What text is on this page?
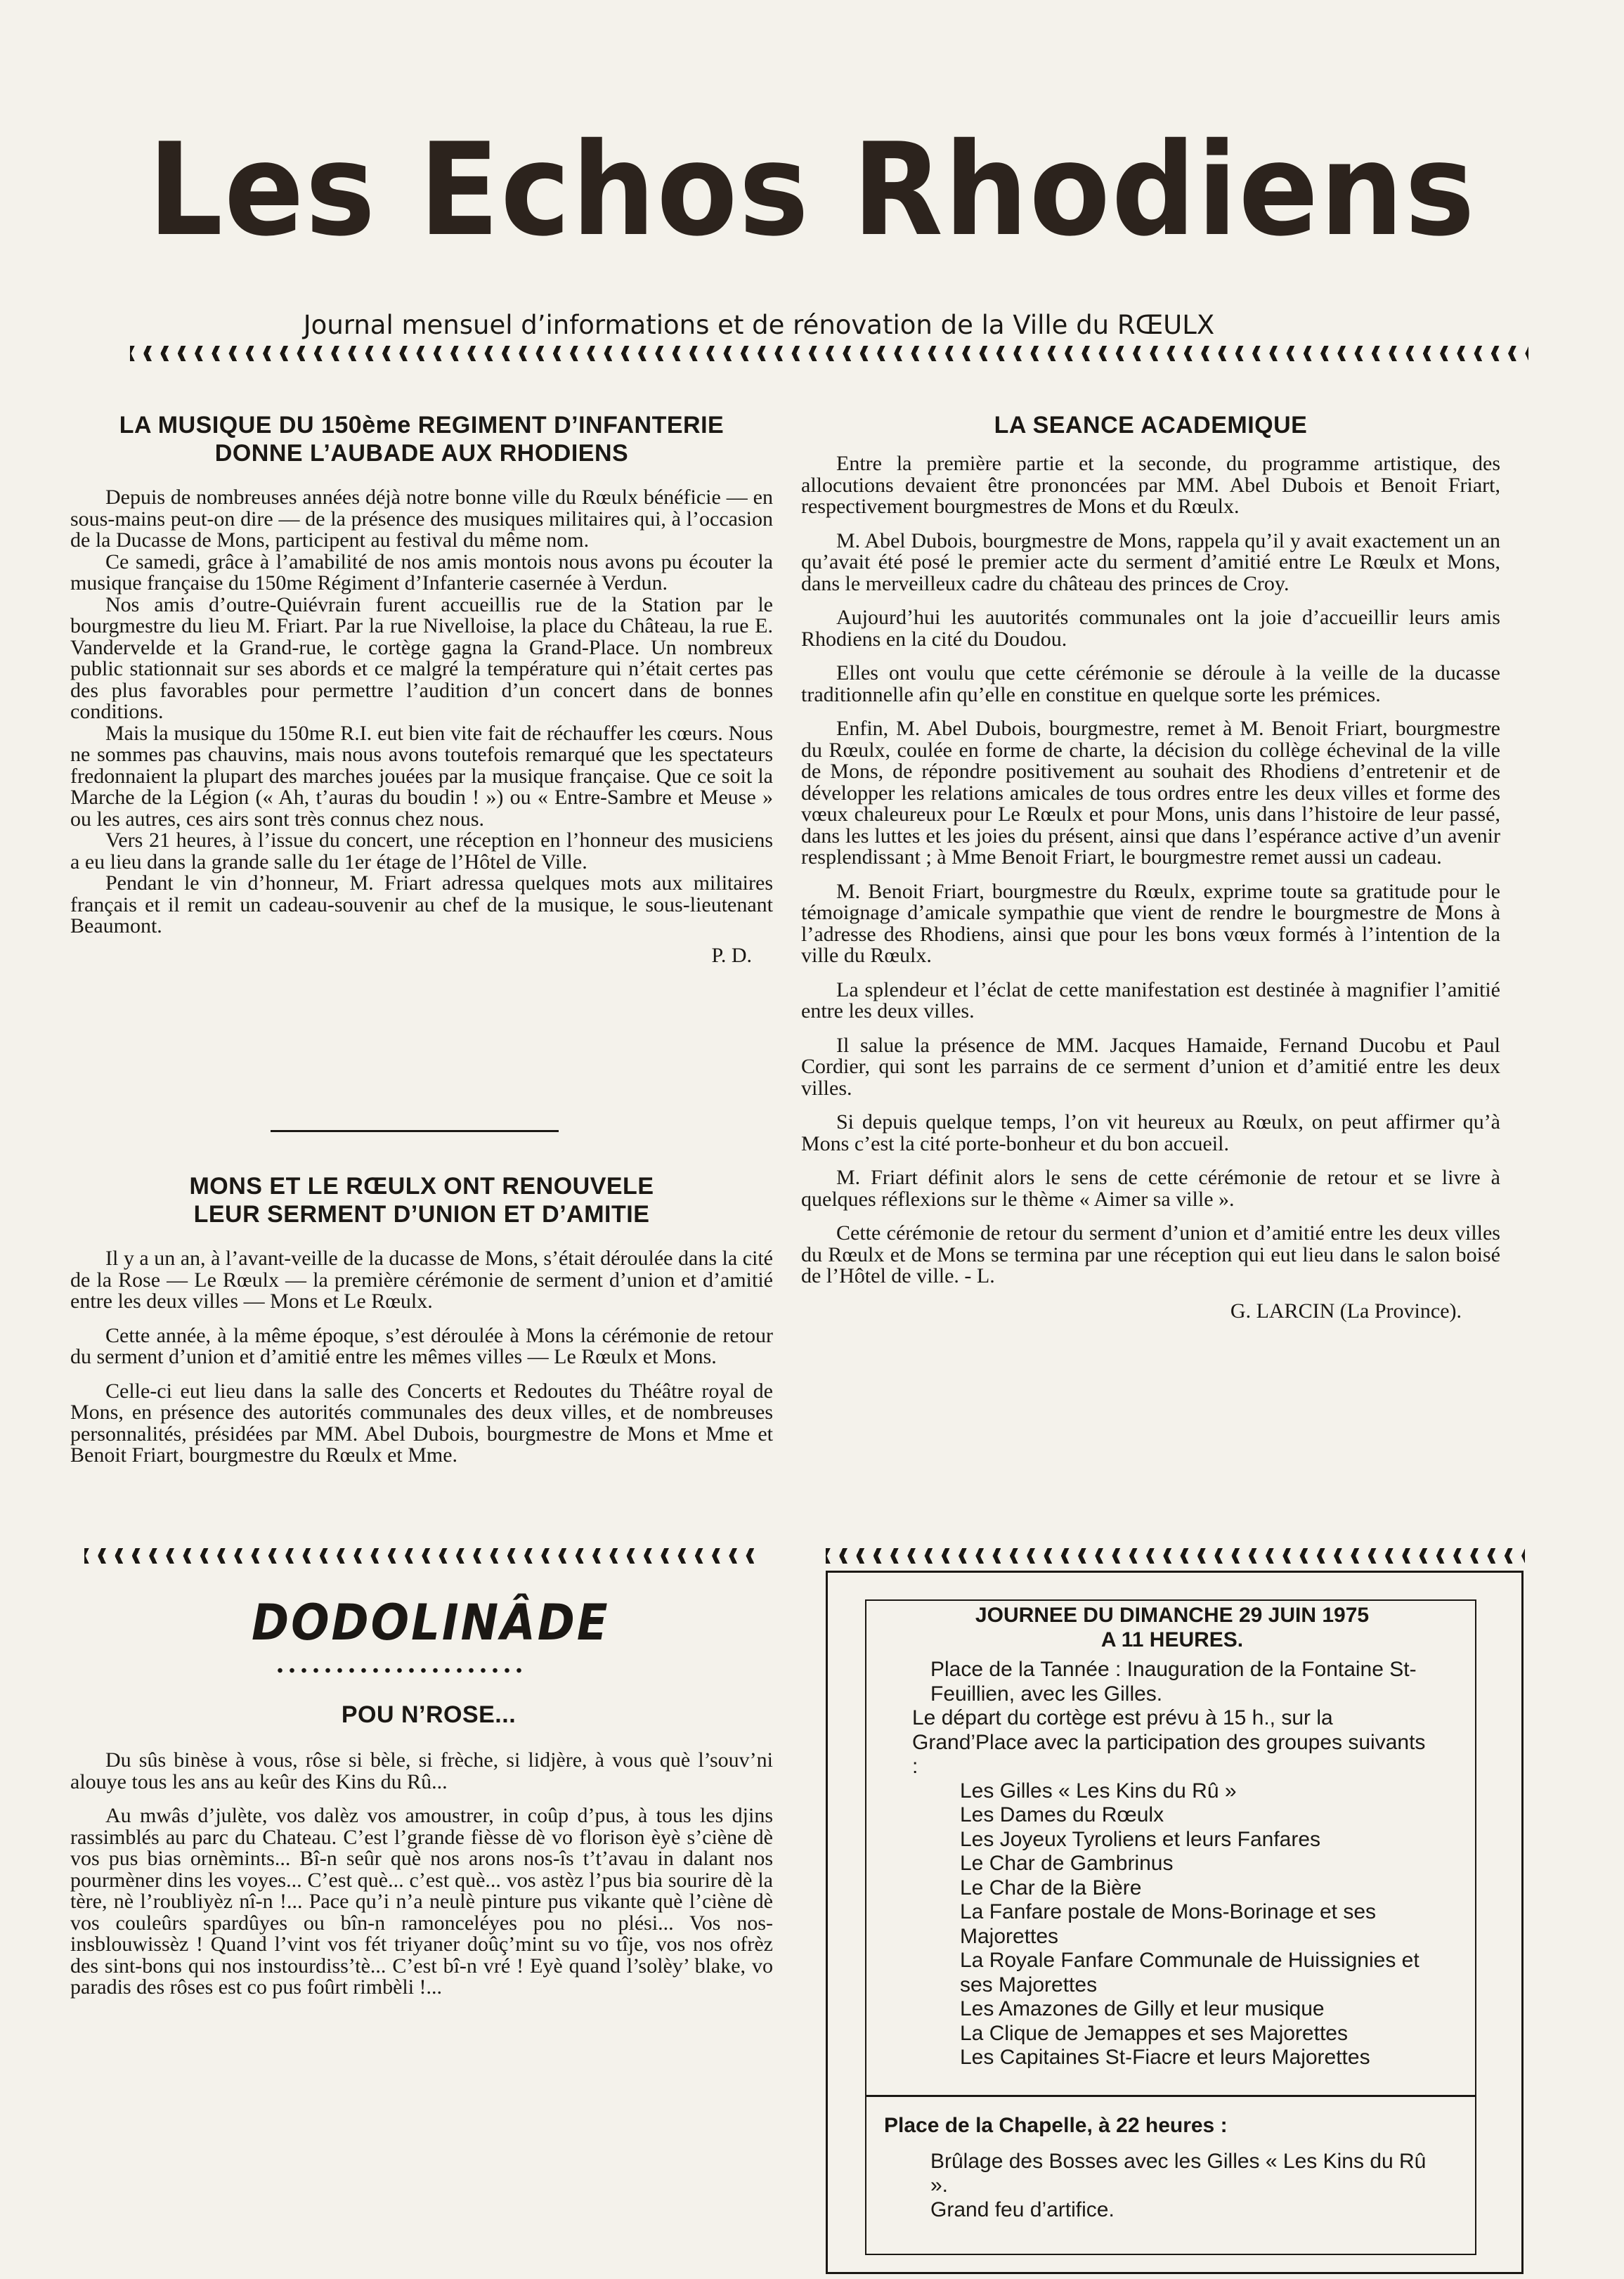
Les Echos Rhodiens
Journal mensuel d’informations et de rénovation de la Ville du RŒULX
LA MUSIQUE DU 150ème REGIMENT D’INFANTERIE
DONNE L’AUBADE AUX RHODIENS

Depuis de nombreuses années déjà notre bonne ville du Rœulx bénéficie — en sous-mains peut-on dire — de la présence des musiques militaires qui, à l’occasion de la Ducasse de Mons, participent au festival du même nom.

Ce samedi, grâce à l’amabilité de nos amis montois nous avons pu écouter la musique française du 150me Régiment d’Infanterie casernée à Verdun.

Nos amis d’outre-Quiévrain furent accueillis rue de la Station par le bourgmestre du lieu M. Friart. Par la rue Nivelloise, la place du Château, la rue E. Vandervelde et la Grand-rue, le cortège gagna la Grand-Place. Un nombreux public stationnait sur ses abords et ce malgré la température qui n’était certes pas des plus favorables pour permettre l’audition d’un concert dans de bonnes conditions.

Mais la musique du 150me R.I. eut bien vite fait de réchauffer les cœurs. Nous ne sommes pas chauvins, mais nous avons toutefois remarqué que les spectateurs fredonnaient la plupart des marches jouées par la musique française. Que ce soit la Marche de la Légion (« Ah, t’auras du boudin ! ») ou « Entre-Sambre et Meuse » ou les autres, ces airs sont très connus chez nous.

Vers 21 heures, à l’issue du concert, une réception en l’honneur des musiciens a eu lieu dans la grande salle du 1er étage de l’Hôtel de Ville.

Pendant le vin d’honneur, M. Friart adressa quelques mots aux militaires français et il remit un cadeau-souvenir au chef de la musique, le sous-lieutenant Beaumont.

P. D.
MONS ET LE RŒULX ONT RENOUVELE
LEUR SERMENT D’UNION ET D’AMITIE

Il y a un an, à l’avant-veille de la ducasse de Mons, s’était déroulée dans la cité de la Rose — Le Rœulx — la première cérémonie de serment d’union et d’amitié entre les deux villes — Mons et Le Rœulx.

Cette année, à la même époque, s’est déroulée à Mons la cérémonie de retour du serment d’union et d’amitié entre les mêmes villes — Le Rœulx et Mons.

Celle-ci eut lieu dans la salle des Concerts et Redoutes du Théâtre royal de Mons, en présence des autorités communales des deux villes, et de nombreuses personnalités, présidées par MM. Abel Dubois, bourgmestre de Mons et Mme et Benoit Friart, bourgmestre du Rœulx et Mme.

LA SEANCE ACADEMIQUE

Entre la première partie et la seconde, du programme artistique, des allocutions devaient être prononcées par MM. Abel Dubois et Benoit Friart, respectivement bourgmestres de Mons et du Rœulx.

M. Abel Dubois, bourgmestre de Mons, rappela qu’il y avait exactement un an qu’avait été posé le premier acte du serment d’amitié entre Le Rœulx et Mons, dans le merveilleux cadre du château des princes de Croy.

Aujourd’hui les auutorités communales ont la joie d’accueillir leurs amis Rhodiens en la cité du Doudou.

Elles ont voulu que cette cérémonie se déroule à la veille de la ducasse traditionnelle afin qu’elle en constitue en quelque sorte les prémices.

Enfin, M. Abel Dubois, bourgmestre, remet à M. Benoit Friart, bourgmestre du Rœulx, coulée en forme de charte, la décision du collège échevinal de la ville de Mons, de répondre positivement au souhait des Rhodiens d’entretenir et de développer les relations amicales de tous ordres entre les deux villes et forme des vœux chaleureux pour Le Rœulx et pour Mons, unis dans l’histoire de leur passé, dans les luttes et les joies du présent, ainsi que dans l’espérance active d’un avenir resplendissant ; à Mme Benoit Friart, le bourgmestre remet aussi un cadeau.

M. Benoit Friart, bourgmestre du Rœulx, exprime toute sa gratitude pour le témoignage d’amicale sympathie que vient de rendre le bourgmestre de Mons à l’adresse des Rhodiens, ainsi que pour les bons vœux formés à l’intention de la ville du Rœulx.

La splendeur et l’éclat de cette manifestation est destinée à magnifier l’amitié entre les deux villes.

Il salue la présence de MM. Jacques Hamaide, Fernand Ducobu et Paul Cordier, qui sont les parrains de ce serment d’union et d’amitié entre les deux villes.

Si depuis quelque temps, l’on vit heureux au Rœulx, on peut affirmer qu’à Mons c’est la cité porte-bonheur et du bon accueil.

M. Friart définit alors le sens de cette cérémonie de retour et se livre à quelques réflexions sur le thème « Aimer sa ville ».

Cette cérémonie de retour du serment d’union et d’amitié entre les deux villes du Rœulx et de Mons se termina par une réception qui eut lieu dans le salon boisé de l’Hôtel de ville. - L.

G. LARCIN (La Province).
DODOLINÂDE
POU N’ROSE...

Du sûs binèse à vous, rôse si bèle, si frèche, si lidjère, à vous què l’souv’ni alouye tous les ans au keûr des Kins du Rû...

Au mwâs d’julète, vos dalèz vos amoustrer, in coûp d’pus, à tous les djins rassimblés au parc du Chateau. C’est l’grande fièsse dè vo florison èyè s’ciène dè vos pus bias ornèmints... Bî-n seûr què nos arons nos-îs t’t’avau in dalant nos pourmèner dins les voyes... C’est què... c’est què... vos astèz l’pus bia sourire dè la tère, nè l’roubliyèz nî-n !... Pace qu’i n’a neulè pinture pus vikante què l’ciène dè vos couleûrs spardûyes ou bîn-n ramonceléyes pou no plési... Vos nos-insblouwissèz ! Quand l’vint vos fét triyaner doûç’mint su vo tîje, vos nos ofrèz des sint-bons qui nos instourdiss’tè... C’est bî-n vré ! Eyè quand l’solèy’ blake, vo paradis des rôses est co pus foûrt rimbèli !...

JOURNEE DU DIMANCHE 29 JUIN 1975
A 11 HEURES.
Place de la Tannée : Inauguration de la Fontaine St-Feuillien, avec les Gilles.
Le départ du cortège est prévu à 15 h., sur la Grand’Place avec la participation des groupes suivants :
Les Gilles « Les Kins du Rû »
Les Dames du Rœulx
Les Joyeux Tyroliens et leurs Fanfares
Le Char de Gambrinus
Le Char de la Bière
La Fanfare postale de Mons-Borinage et ses Majorettes
La Royale Fanfare Communale de Huissignies et ses Majorettes
Les Amazones de Gilly et leur musique
La Clique de Jemappes et ses Majorettes
Les Capitaines St-Fiacre et leurs Majorettes
Place de la Chapelle, à 22 heures :
Brûlage des Bosses avec les Gilles « Les Kins du Rû ».
Grand feu d’artifice.
